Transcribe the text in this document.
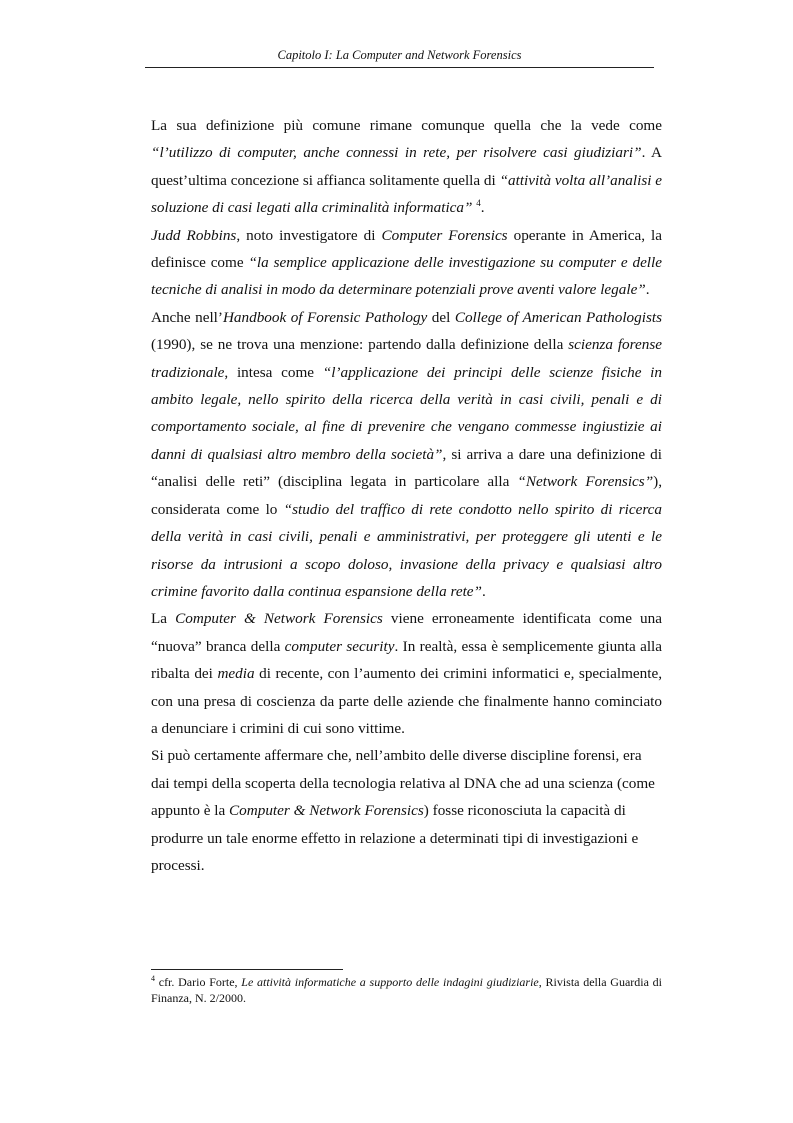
Capitolo I: La Computer and Network Forensics

La sua definizione più comune rimane comunque quella che la vede come “l’utilizzo di computer, anche connessi in rete, per risolvere casi giudiziari”. A quest’ultima concezione si affianca solitamente quella di “attività volta all’analisi e soluzione di casi legati alla criminalità informatica” $^4$.

Judd Robbins, noto investigatore di Computer Forensics operante in America, la definisce come “la semplice applicazione delle investigazione su computer e delle tecniche di analisi in modo da determinare potenziali prove aventi valore legale”.

Anche nell’Handbook of Forensic Pathology del College of American Pathologists (1990), se ne trova una menzione: partendo dalla definizione della scienza forense tradizionale, intesa come “l’applicazione dei principi delle scienze fisiche in ambito legale, nello spirito della ricerca della verità in casi civili, penali e di comportamento sociale, al fine di prevenire che vengano commesse ingiustizie ai danni di qualsiasi altro membro della società”, si arriva a dare una definizione di “analisi delle reti” (disciplina legata in particolare alla “Network Forensics”), considerata come lo “studio del traffico di rete condotto nello spirito di ricerca della verità in casi civili, penali e amministrativi, per proteggere gli utenti e le risorse da intrusioni a scopo doloso, invasione della privacy e qualsiasi altro crimine favorito dalla continua espansione della rete”.

La Computer & Network Forensics viene erroneamente identificata come una “nuova” branca della computer security. In realtà, essa è semplicemente giunta alla ribalta dei media di recente, con l’aumento dei crimini informatici e, specialmente, con una presa di coscienza da parte delle aziende che finalmente hanno cominciato a denunciare i crimini di cui sono vittime.

Si può certamente affermare che, nell’ambito delle diverse discipline forensi, era dai tempi della scoperta della tecnologia relativa al DNA che ad una scienza (come appunto è la Computer & Network Forensics) fosse riconosciuta la capacità di produrre un tale enorme effetto in relazione a determinati tipi di investigazioni e processi.

$^4$ cfr. Dario Forte, Le attività informatiche a supporto delle indagini giudiziarie, Rivista della Guardia di Finanza, N. 2/2000.
